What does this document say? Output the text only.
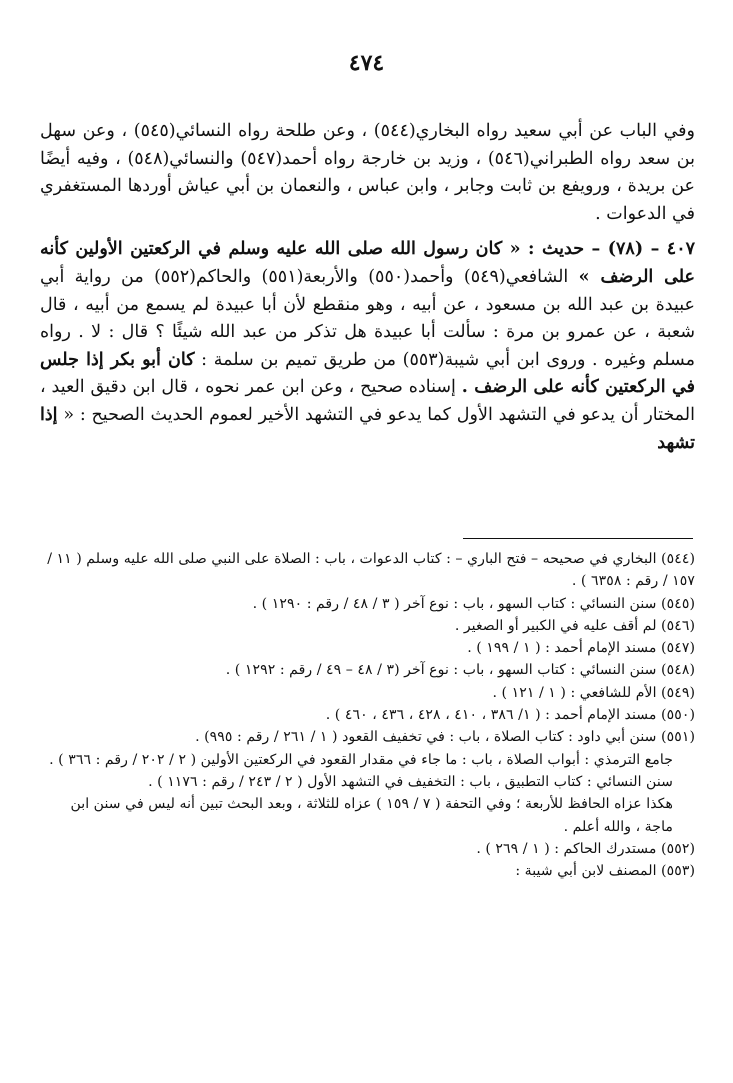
٤٧٤

وفي الباب عن أبي سعيد رواه البخاري(٥٤٤) ، وعن طلحة رواه النسائي(٥٤٥) ، وعن سهل بن سعد رواه الطبراني(٥٤٦) ، وزيد بن خارجة رواه أحمد(٥٤٧) والنسائي(٥٤٨) ، وفيه أيضًا عن بريدة ، ورويفع بن ثابت وجابر ، وابن عباس ، والنعمان بن أبي عياش أوردها المستغفري في الدعوات .

٤٠٧ – (٧٨) – حديث : « كان رسول الله صلى الله عليه وسلم في الركعتين الأولين كأنه على الرضف » الشافعي(٥٤٩) وأحمد(٥٥٠) والأربعة(٥٥١) والحاكم(٥٥٢) من رواية أبي عبيدة بن عبد الله بن مسعود ، عن أبيه ، وهو منقطع لأن أبا عبيدة لم يسمع من أبيه ، قال شعبة ، عن عمرو بن مرة : سألت أبا عبيدة هل تذكر من عبد الله شيئًا ؟ قال : لا . رواه مسلم وغيره . وروى ابن أبي شيبة(٥٥٣) من طريق تميم بن سلمة : كان أبو بكر إذا جلس في الركعتين كأنه على الرضف . إسناده صحيح ، وعن ابن عمر نحوه ، قال ابن دقيق العيد ، المختار أن يدعو في التشهد الأول كما يدعو في التشهد الأخير لعموم الحديث الصحيح : « إذا تشهد

(٥٤٤) البخاري في صحيحه – فتح الباري – : كتاب الدعوات ، باب : الصلاة على النبي صلى الله عليه وسلم ( ١١ / ١٥٧ / رقم : ٦٣٥٨ ) .

(٥٤٥) سنن النسائي : كتاب السهو ، باب : نوع آخر ( ٣ / ٤٨ / رقم : ١٢٩٠ ) .

(٥٤٦) لم أقف عليه في الكبير أو الصغير .

(٥٤٧) مسند الإمام أحمد : ( ١ / ١٩٩ ) .

(٥٤٨) سنن النسائي : كتاب السهو ، باب : نوع آخر (٣ / ٤٨ – ٤٩ / رقم : ١٢٩٢ ) .

(٥٤٩) الأم للشافعي : ( ١ / ١٢١ ) .

(٥٥٠) مسند الإمام أحمد : ( ١/ ٣٨٦ ، ٤١٠ ، ٤٢٨ ، ٤٣٦ ، ٤٦٠ ) .

(٥٥١) سنن أبي داود : كتاب الصلاة ، باب : في تخفيف القعود ( ١ / ٢٦١ / رقم : ٩٩٥) .

جامع الترمذي : أبواب الصلاة ، باب : ما جاء في مقدار القعود في الركعتين الأولين ( ٢ / ٢٠٢ / رقم : ٣٦٦ ) .

سنن النسائي : كتاب التطبيق ، باب : التخفيف في التشهد الأول ( ٢ / ٢٤٣ / رقم : ١١٧٦ ) .

هكذا عزاه الحافظ للأربعة ؛ وفي التحفة ( ٧ / ١٥٩ ) عزاه للثلاثة ، وبعد البحث تبين أنه ليس في سنن ابن ماجة ، والله أعلم .

(٥٥٢) مستدرك الحاكم : ( ١ / ٢٦٩ ) .

(٥٥٣) المصنف لابن أبي شيبة :
